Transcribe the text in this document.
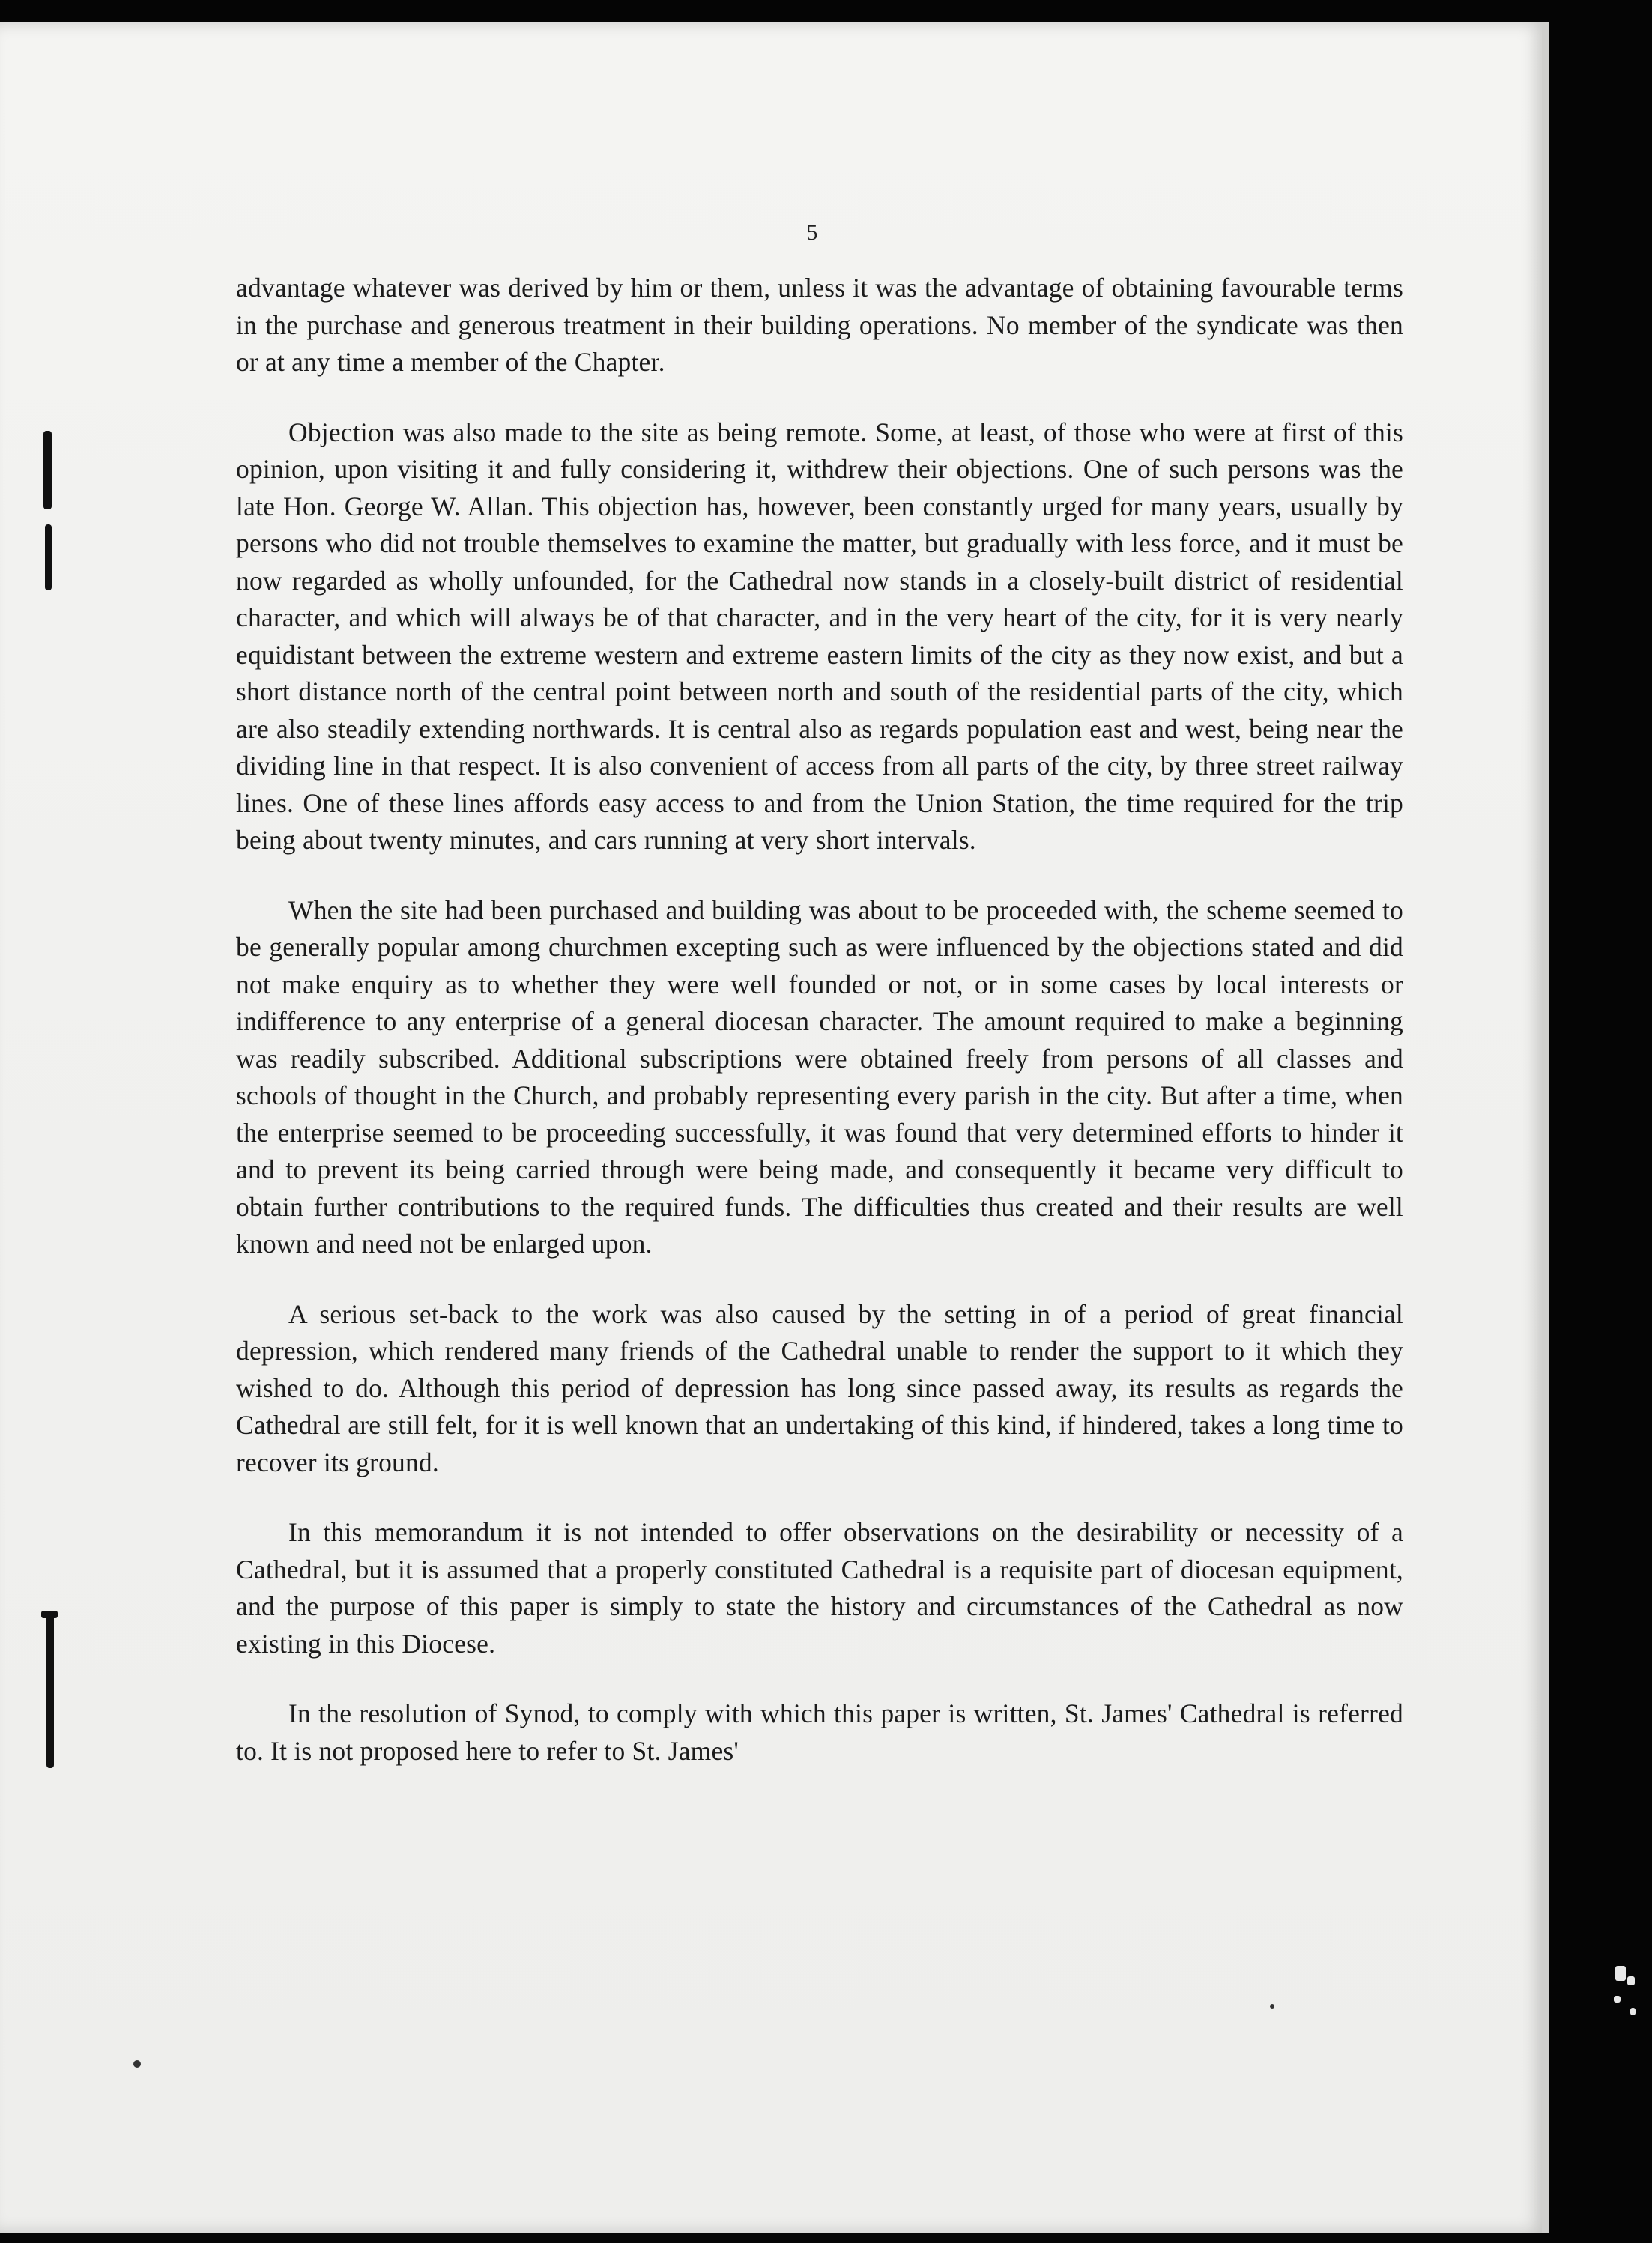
5

advantage whatever was derived by him or them, unless it was the advantage of obtaining favourable terms in the purchase and generous treatment in their building operations. No member of the syndicate was then or at any time a member of the Chapter.

Objection was also made to the site as being remote. Some, at least, of those who were at first of this opinion, upon visiting it and fully considering it, withdrew their objections. One of such persons was the late Hon. George W. Allan. This objection has, however, been constantly urged for many years, usually by persons who did not trouble themselves to examine the matter, but gradually with less force, and it must be now regarded as wholly unfounded, for the Cathedral now stands in a closely-built district of residential character, and which will always be of that character, and in the very heart of the city, for it is very nearly equidistant between the extreme western and extreme eastern limits of the city as they now exist, and but a short distance north of the central point between north and south of the residential parts of the city, which are also steadily extending northwards. It is central also as regards population east and west, being near the dividing line in that respect. It is also convenient of access from all parts of the city, by three street railway lines. One of these lines affords easy access to and from the Union Station, the time required for the trip being about twenty minutes, and cars running at very short intervals.

When the site had been purchased and building was about to be proceeded with, the scheme seemed to be generally popular among churchmen excepting such as were influenced by the objections stated and did not make enquiry as to whether they were well founded or not, or in some cases by local interests or indifference to any enterprise of a general diocesan character. The amount required to make a beginning was readily subscribed. Additional subscriptions were obtained freely from persons of all classes and schools of thought in the Church, and probably representing every parish in the city. But after a time, when the enterprise seemed to be proceeding successfully, it was found that very determined efforts to hinder it and to prevent its being carried through were being made, and consequently it became very difficult to obtain further contributions to the required funds. The difficulties thus created and their results are well known and need not be enlarged upon.

A serious set-back to the work was also caused by the setting in of a period of great financial depression, which rendered many friends of the Cathedral unable to render the support to it which they wished to do. Although this period of depression has long since passed away, its results as regards the Cathedral are still felt, for it is well known that an undertaking of this kind, if hindered, takes a long time to recover its ground.

In this memorandum it is not intended to offer observations on the desirability or necessity of a Cathedral, but it is assumed that a properly constituted Cathedral is a requisite part of diocesan equipment, and the purpose of this paper is simply to state the history and circumstances of the Cathedral as now existing in this Diocese.

In the resolution of Synod, to comply with which this paper is written, St. James' Cathedral is referred to. It is not proposed here to refer to St. James'
